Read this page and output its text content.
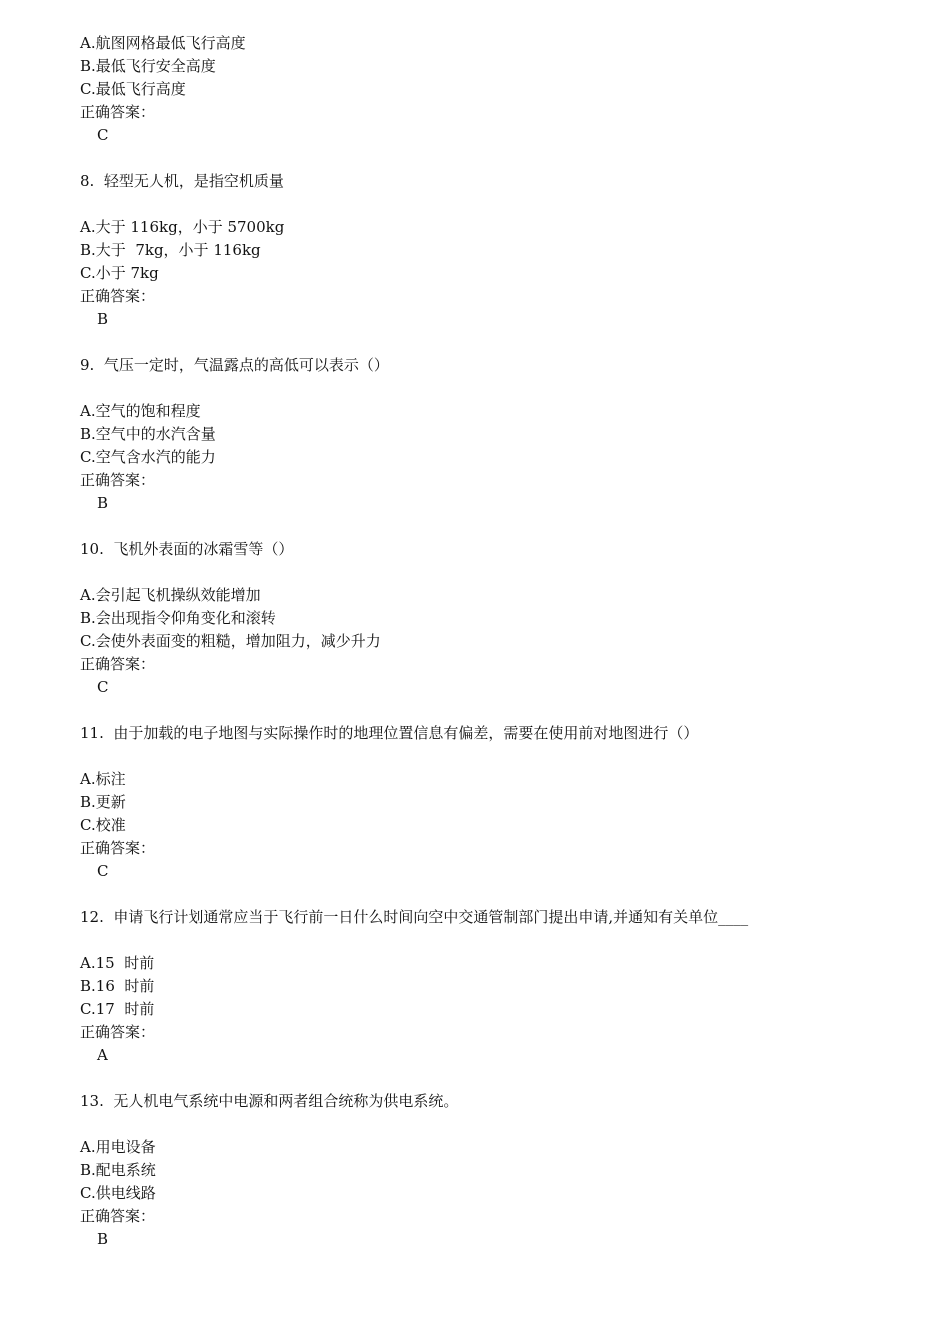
A.航图网格最低飞行高度
B.最低飞行安全高度
C.最低飞行高度
正确答案：
C
8.  轻型无人机，是指空机质量
A.大于 116kg，小于 5700kg
B.大于  7kg，小于 116kg
C.小于 7kg
正确答案：
B
9.  气压一定时，气温露点的高低可以表示（）
A.空气的饱和程度
B.空气中的水汽含量
C.空气含水汽的能力
正确答案：
B
10.  飞机外表面的冰霜雪等（）
A.会引起飞机操纵效能增加
B.会出现指令仰角变化和滚转
C.会使外表面变的粗糙，增加阻力，减少升力
正确答案：
C
11.  由于加载的电子地图与实际操作时的地理位置信息有偏差，需要在使用前对地图进行（）
A.标注
B.更新
C.校准
正确答案：
C
12.  申请飞行计划通常应当于飞行前一日什么时间向空中交通管制部门提出申请,并通知有关单位____
A.15  时前
B.16  时前
C.17  时前
正确答案：
A
13.  无人机电气系统中电源和两者组合统称为供电系统。
A.用电设备
B.配电系统
C.供电线路
正确答案：
B
